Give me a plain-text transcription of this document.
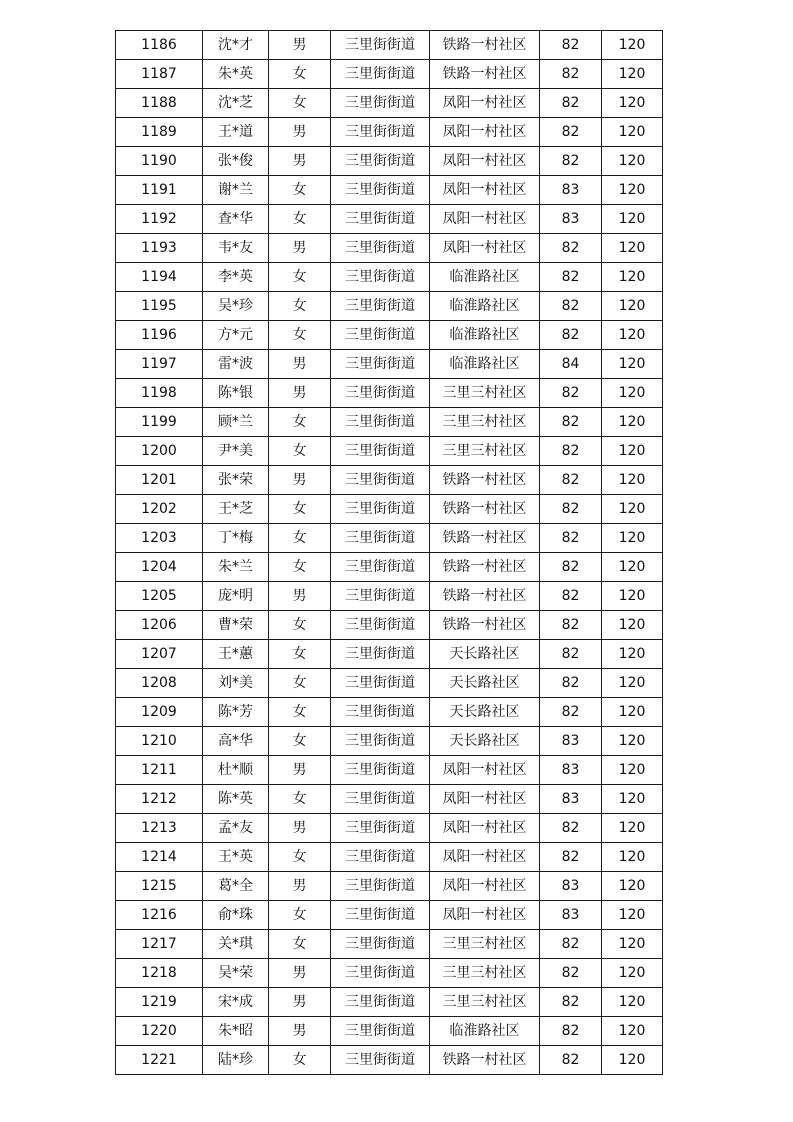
1186	沈*才	男	三里街街道	铁路一村社区	82	120
1187	朱*英	女	三里街街道	铁路一村社区	82	120
1188	沈*芝	女	三里街街道	凤阳一村社区	82	120
1189	王*道	男	三里街街道	凤阳一村社区	82	120
1190	张*俊	男	三里街街道	凤阳一村社区	82	120
1191	谢*兰	女	三里街街道	凤阳一村社区	83	120
1192	查*华	女	三里街街道	凤阳一村社区	83	120
1193	韦*友	男	三里街街道	凤阳一村社区	82	120
1194	李*英	女	三里街街道	临淮路社区	82	120
1195	吴*珍	女	三里街街道	临淮路社区	82	120
1196	方*元	女	三里街街道	临淮路社区	82	120
1197	雷*波	男	三里街街道	临淮路社区	84	120
1198	陈*银	男	三里街街道	三里三村社区	82	120
1199	顾*兰	女	三里街街道	三里三村社区	82	120
1200	尹*美	女	三里街街道	三里三村社区	82	120
1201	张*荣	男	三里街街道	铁路一村社区	82	120
1202	王*芝	女	三里街街道	铁路一村社区	82	120
1203	丁*梅	女	三里街街道	铁路一村社区	82	120
1204	朱*兰	女	三里街街道	铁路一村社区	82	120
1205	庞*明	男	三里街街道	铁路一村社区	82	120
1206	曹*荣	女	三里街街道	铁路一村社区	82	120
1207	王*蕙	女	三里街街道	天长路社区	82	120
1208	刘*美	女	三里街街道	天长路社区	82	120
1209	陈*芳	女	三里街街道	天长路社区	82	120
1210	高*华	女	三里街街道	天长路社区	83	120
1211	杜*顺	男	三里街街道	凤阳一村社区	83	120
1212	陈*英	女	三里街街道	凤阳一村社区	83	120
1213	孟*友	男	三里街街道	凤阳一村社区	82	120
1214	王*英	女	三里街街道	凤阳一村社区	82	120
1215	葛*全	男	三里街街道	凤阳一村社区	83	120
1216	俞*珠	女	三里街街道	凤阳一村社区	83	120
1217	关*琪	女	三里街街道	三里三村社区	82	120
1218	吴*荣	男	三里街街道	三里三村社区	82	120
1219	宋*成	男	三里街街道	三里三村社区	82	120
1220	朱*昭	男	三里街街道	临淮路社区	82	120
1221	陆*珍	女	三里街街道	铁路一村社区	82	120
